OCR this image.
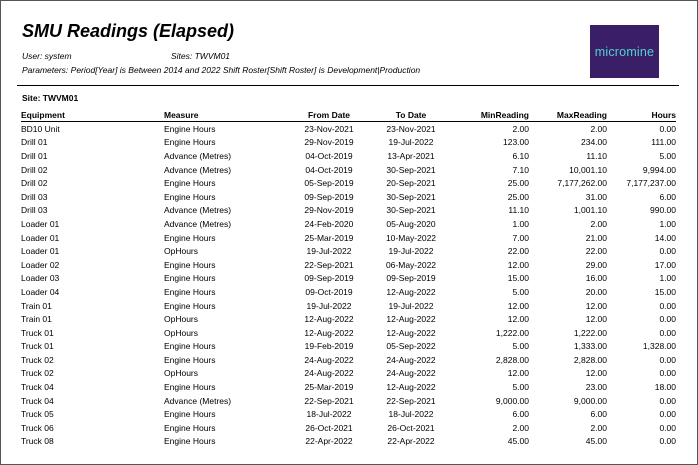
SMU Readings (Elapsed)
User: system	Sites: TWVM01
Parameters: Period[Year] is Between 2014 and 2022 Shift Roster[Shift Roster] is Development|Production
micromine
Site: TWVM01
Equipment	Measure	From Date	To Date	MinReading	MaxReading	Hours
BD10 Unit	Engine Hours	23-Nov-2021	23-Nov-2021	2.00	2.00	0.00
Drill 01	Engine Hours	29-Nov-2019	19-Jul-2022	123.00	234.00	111.00
Drill 01	Advance (Metres)	04-Oct-2019	13-Apr-2021	6.10	11.10	5.00
Drill 02	Advance (Metres)	04-Oct-2019	30-Sep-2021	7.10	10,001.10	9,994.00
Drill 02	Engine Hours	05-Sep-2019	20-Sep-2021	25.00	7,177,262.00	7,177,237.00
Drill 03	Engine Hours	09-Sep-2019	30-Sep-2021	25.00	31.00	6.00
Drill 03	Advance (Metres)	29-Nov-2019	30-Sep-2021	11.10	1,001.10	990.00
Loader 01	Advance (Metres)	24-Feb-2020	05-Aug-2020	1.00	2.00	1.00
Loader 01	Engine Hours	25-Mar-2019	10-May-2022	7.00	21.00	14.00
Loader 01	OpHours	19-Jul-2022	19-Jul-2022	22.00	22.00	0.00
Loader 02	Engine Hours	22-Sep-2021	06-May-2022	12.00	29.00	17.00
Loader 03	Engine Hours	09-Sep-2019	09-Sep-2019	15.00	16.00	1.00
Loader 04	Engine Hours	09-Oct-2019	12-Aug-2022	5.00	20.00	15.00
Train 01	Engine Hours	19-Jul-2022	19-Jul-2022	12.00	12.00	0.00
Train 01	OpHours	12-Aug-2022	12-Aug-2022	12.00	12.00	0.00
Truck 01	OpHours	12-Aug-2022	12-Aug-2022	1,222.00	1,222.00	0.00
Truck 01	Engine Hours	19-Feb-2019	05-Sep-2022	5.00	1,333.00	1,328.00
Truck 02	Engine Hours	24-Aug-2022	24-Aug-2022	2,828.00	2,828.00	0.00
Truck 02	OpHours	24-Aug-2022	24-Aug-2022	12.00	12.00	0.00
Truck 04	Engine Hours	25-Mar-2019	12-Aug-2022	5.00	23.00	18.00
Truck 04	Advance (Metres)	22-Sep-2021	22-Sep-2021	9,000.00	9,000.00	0.00
Truck 05	Engine Hours	18-Jul-2022	18-Jul-2022	6.00	6.00	0.00
Truck 06	Engine Hours	26-Oct-2021	26-Oct-2021	2.00	2.00	0.00
Truck 08	Engine Hours	22-Apr-2022	22-Apr-2022	45.00	45.00	0.00
